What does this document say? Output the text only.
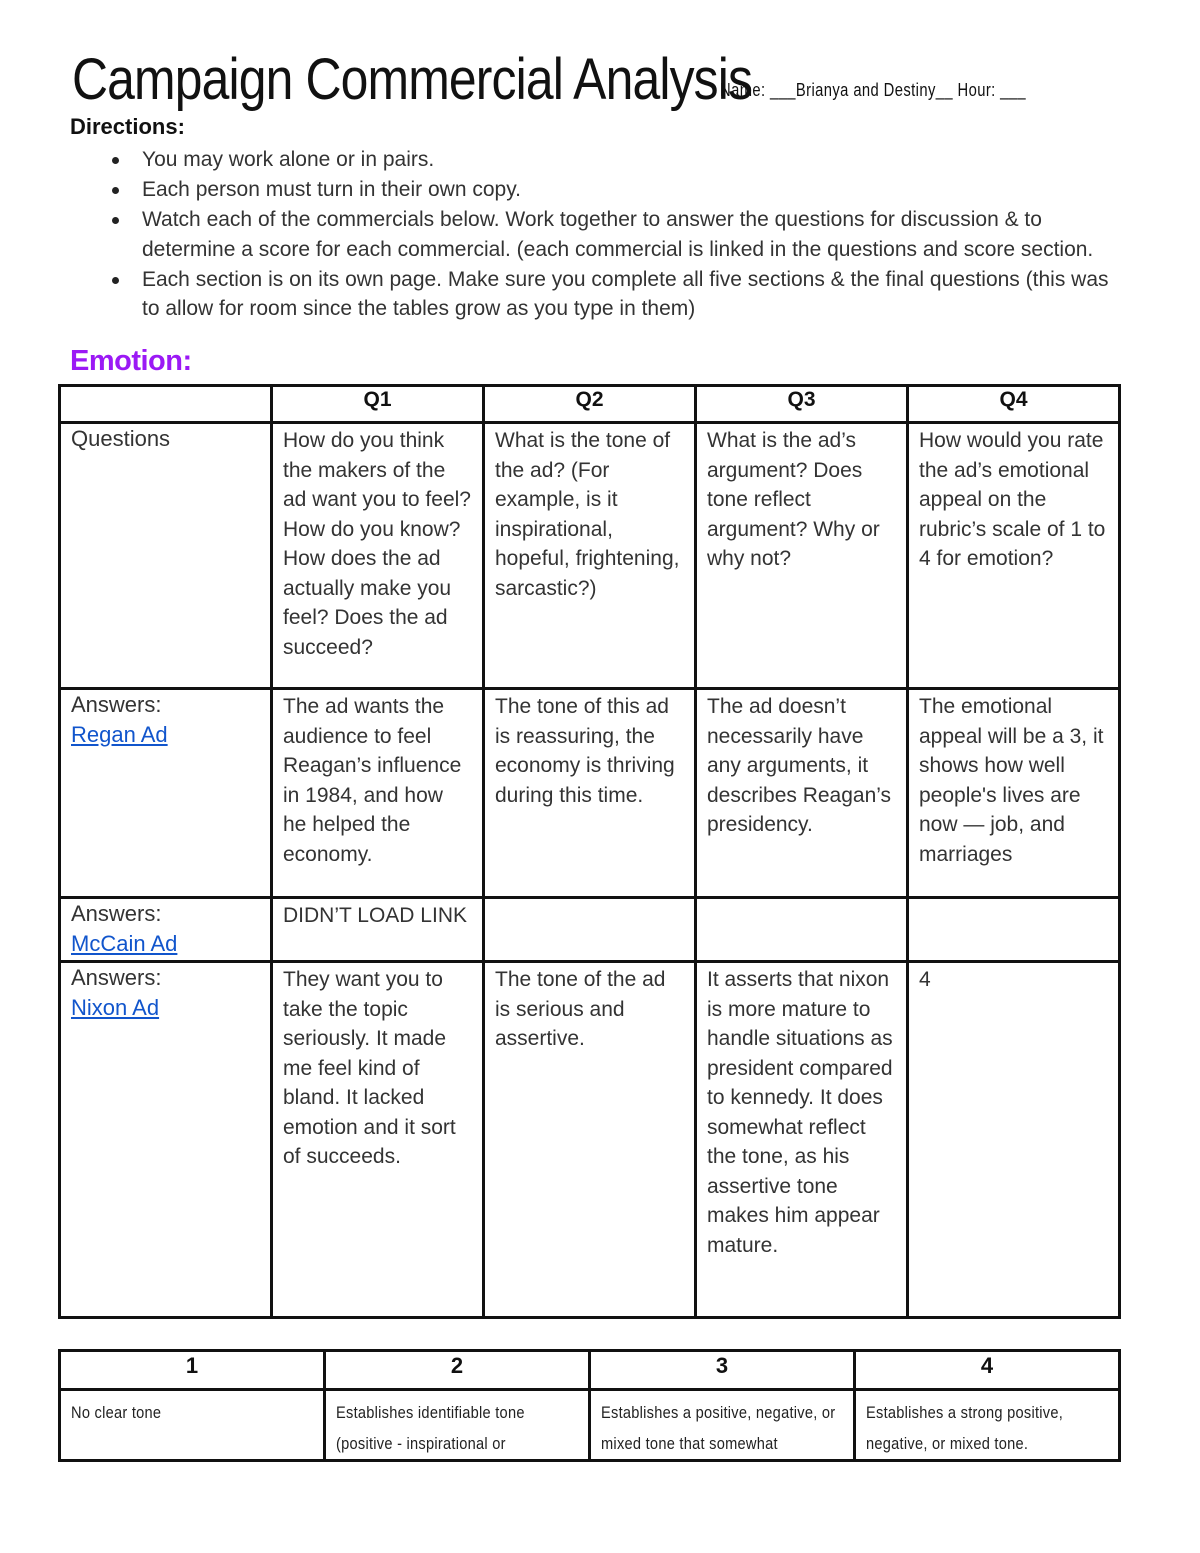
Campaign Commercial Analysis
Name: ___Brianya and Destiny__ Hour: ___
Directions:
You may work alone or in pairs.
Each person must turn in their own copy.
Watch each of the commercials below. Work together to answer the questions for discussion & to determine a score for each commercial. (each commercial is linked in the questions and score section.
Each section is on its own page. Make sure you complete all five sections & the final questions (this was to allow for room since the tables grow as you type in them)
Emotion:
	Q1	Q2	Q3	Q4

Questions	How do you think the makers of the ad want you to feel? How do you know? How does the ad actually make you feel? Does the ad succeed?	What is the tone of the ad? (For example, is it inspirational, hopeful, frightening, sarcastic?)	What is the ad’s argument? Does tone reflect argument? Why or why not?	How would you rate the ad’s emotional appeal on the rubric’s scale of 1 to 4 for emotion?

Answers:
Regan Ad	The ad wants the audience to feel Reagan’s influence in 1984, and how he helped the economy.	The tone of this ad is reassuring, the economy is thriving during this time.	The ad doesn’t necessarily have any arguments, it describes Reagan’s presidency.	The emotional appeal will be a 3, it shows how well people's lives are now — job, and marriages

Answers:
McCain Ad	DIDN’T LOAD LINK			

Answers:
Nixon Ad	They want you to take the topic seriously. It made me feel kind of bland. It lacked emotion and it sort of succeeds.	The tone of the ad is serious and assertive.	It asserts that nixon is more mature to handle situations as president compared to kennedy. It does somewhat reflect the tone, as his assertive tone makes him appear mature.	4
1	2	3	4

No clear tone	Establishes identifiable tone (positive - inspirational or	Establishes a positive, negative, or mixed tone that somewhat	Establishes a strong positive, negative, or mixed tone.
